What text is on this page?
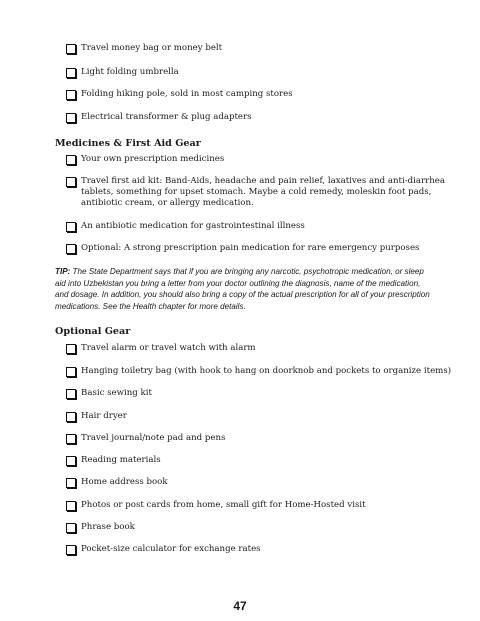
Travel money bag or money belt
Light folding umbrella
Folding hiking pole, sold in most camping stores
Electrical transformer & plug adapters
Medicines & First Aid Gear
Your own prescription medicines
Travel first aid kit: Band-Aids, headache and pain relief, laxatives and anti-diarrhea tablets, something for upset stomach. Maybe a cold remedy, moleskin foot pads, antibiotic cream, or allergy medication.
An antibiotic medication for gastrointestinal illness
Optional: A strong prescription pain medication for rare emergency purposes
TIP: The State Department says that if you are bringing any narcotic, psychotropic medication, or sleep aid into Uzbekistan you bring a letter from your doctor outlining the diagnosis, name of the medication, and dosage. In addition, you should also bring a copy of the actual prescription for all of your prescription medications. See the Health chapter for more details.
Optional Gear
Travel alarm or travel watch with alarm
Hanging toiletry bag (with hook to hang on doorknob and pockets to organize items)
Basic sewing kit
Hair dryer
Travel journal/note pad and pens
Reading materials
Home address book
Photos or post cards from home, small gift for Home-Hosted visit
Phrase book
Pocket-size calculator for exchange rates
47
